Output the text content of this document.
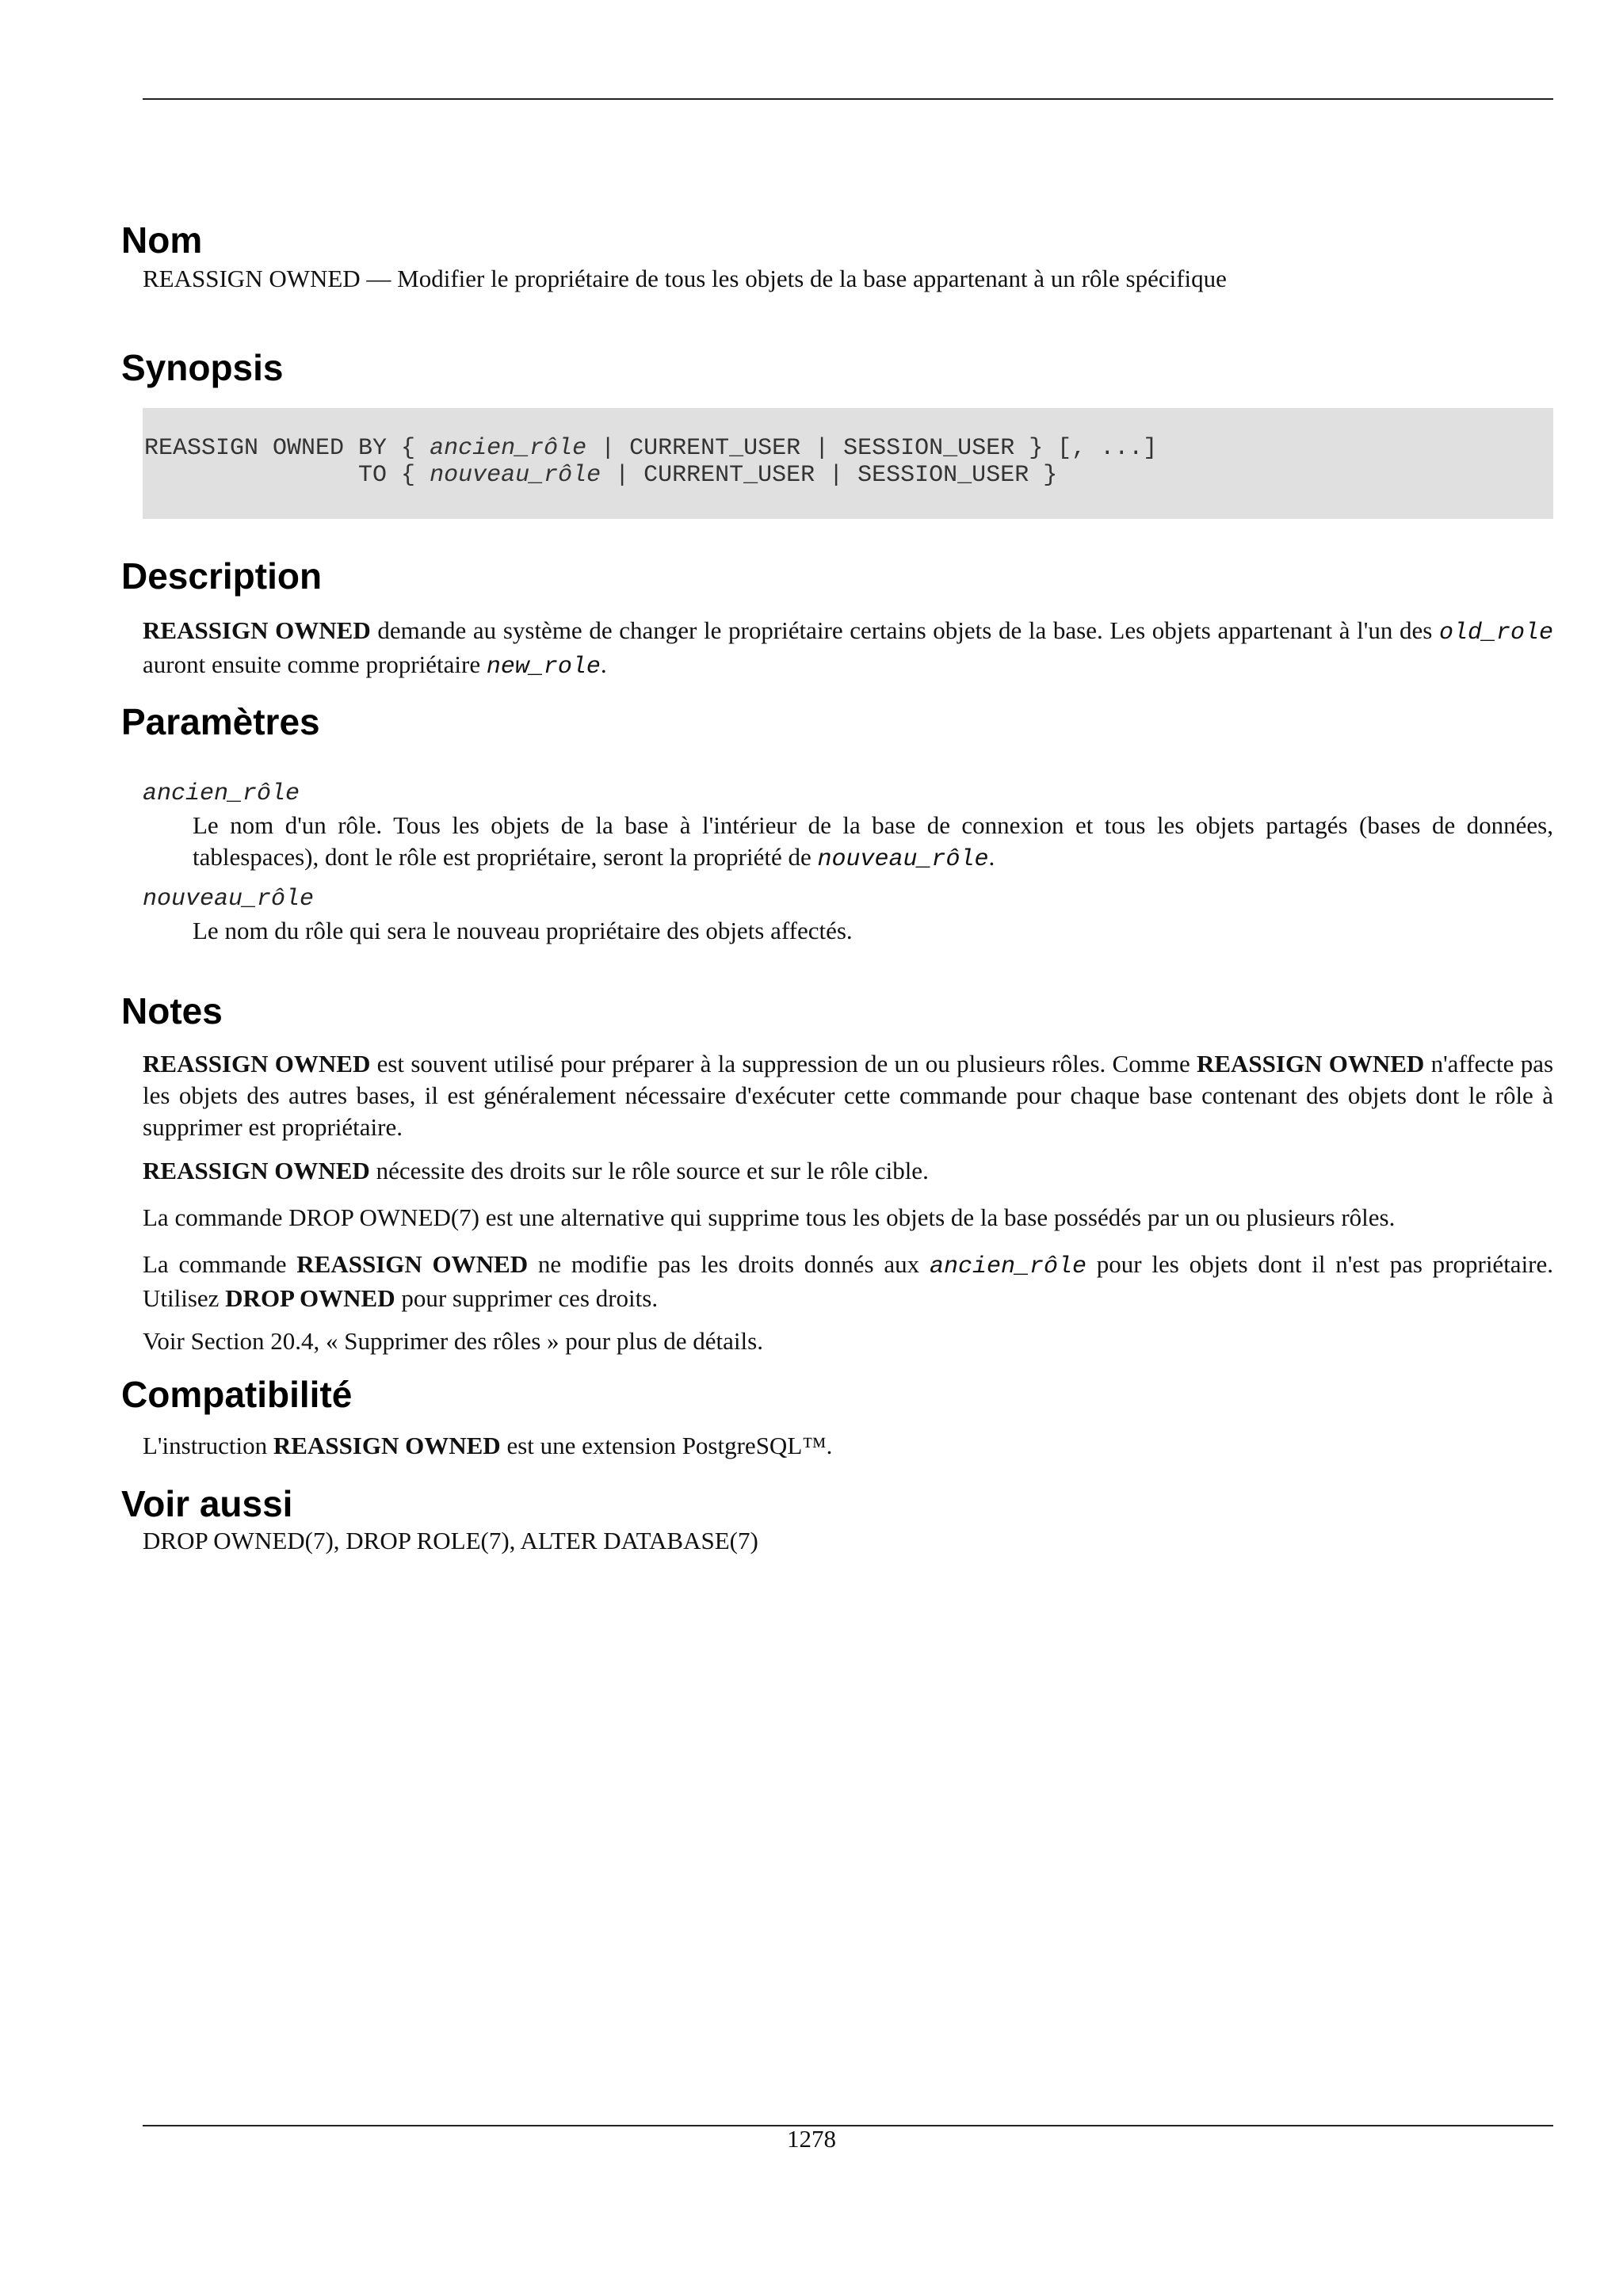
Nom

REASSIGN OWNED — Modifier le propriétaire de tous les objets de la base appartenant à un rôle spécifique

Synopsis

REASSIGN OWNED BY { ancien_rôle | CURRENT_USER | SESSION_USER } [, ...]

TO { nouveau_rôle | CURRENT_USER | SESSION_USER }

Description

REASSIGN OWNED demande au système de changer le propriétaire certains objets de la base. Les objets appartenant à l'un des old_role auront ensuite comme propriétaire new_role.

Paramètres

ancien_rôle

Le nom d'un rôle. Tous les objets de la base à l'intérieur de la base de connexion et tous les objets partagés (bases de données, tablespaces), dont le rôle est propriétaire, seront la propriété de nouveau_rôle.

nouveau_rôle

Le nom du rôle qui sera le nouveau propriétaire des objets affectés.

Notes

REASSIGN OWNED est souvent utilisé pour préparer à la suppression de un ou plusieurs rôles. Comme REASSIGN OWNED n'affecte pas les objets des autres bases, il est généralement nécessaire d'exécuter cette commande pour chaque base contenant des objets dont le rôle à supprimer est propriétaire.

REASSIGN OWNED nécessite des droits sur le rôle source et sur le rôle cible.

La commande DROP OWNED(7) est une alternative qui supprime tous les objets de la base possédés par un ou plusieurs rôles.

La commande REASSIGN OWNED ne modifie pas les droits donnés aux ancien_rôle pour les objets dont il n'est pas propriétaire. Utilisez DROP OWNED pour supprimer ces droits.

Voir Section 20.4, « Supprimer des rôles » pour plus de détails.

Compatibilité

L'instruction REASSIGN OWNED est une extension PostgreSQL™.

Voir aussi

DROP OWNED(7), DROP ROLE(7), ALTER DATABASE(7)

1278
